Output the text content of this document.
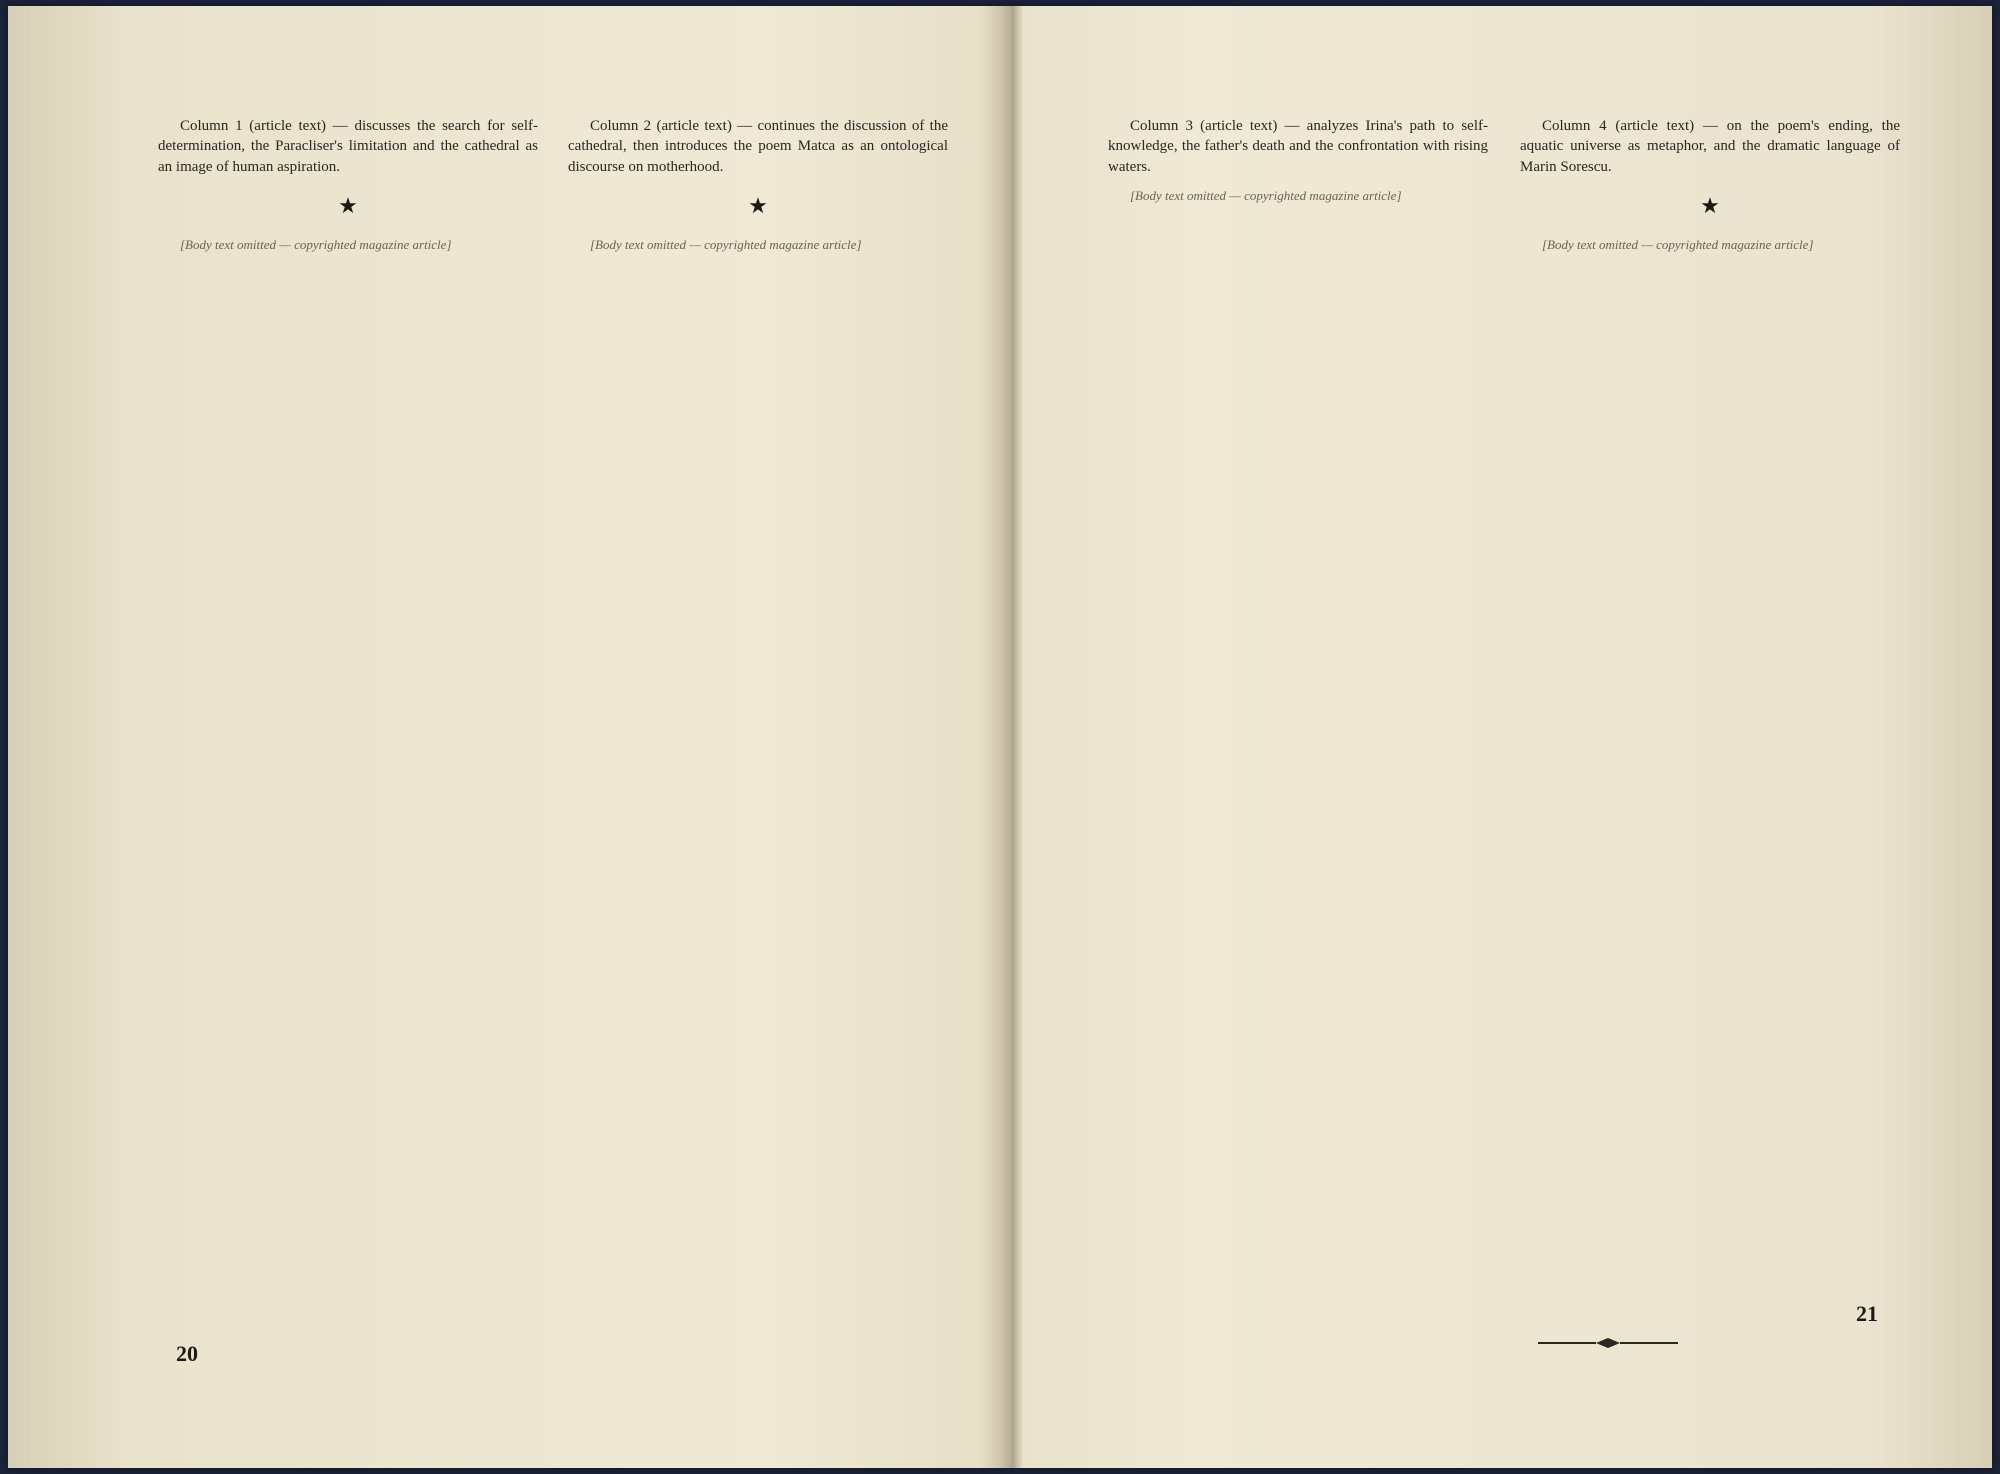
Column 1 (article text) — discusses the search for self-determination, the Paracliser's limitation and the cathedral as an image of human aspiration.

★

[Body text omitted — copyrighted magazine article]

Column 2 (article text) — continues the discussion of the cathedral, then introduces the poem Matca as an ontological discourse on motherhood.

★

[Body text omitted — copyrighted magazine article]

20

Column 3 (article text) — analyzes Irina's path to self-knowledge, the father's death and the confrontation with rising waters.

[Body text omitted — copyrighted magazine article]

Column 4 (article text) — on the poem's ending, the aquatic universe as metaphor, and the dramatic language of Marin Sorescu.

★

[Body text omitted — copyrighted magazine article]

21
